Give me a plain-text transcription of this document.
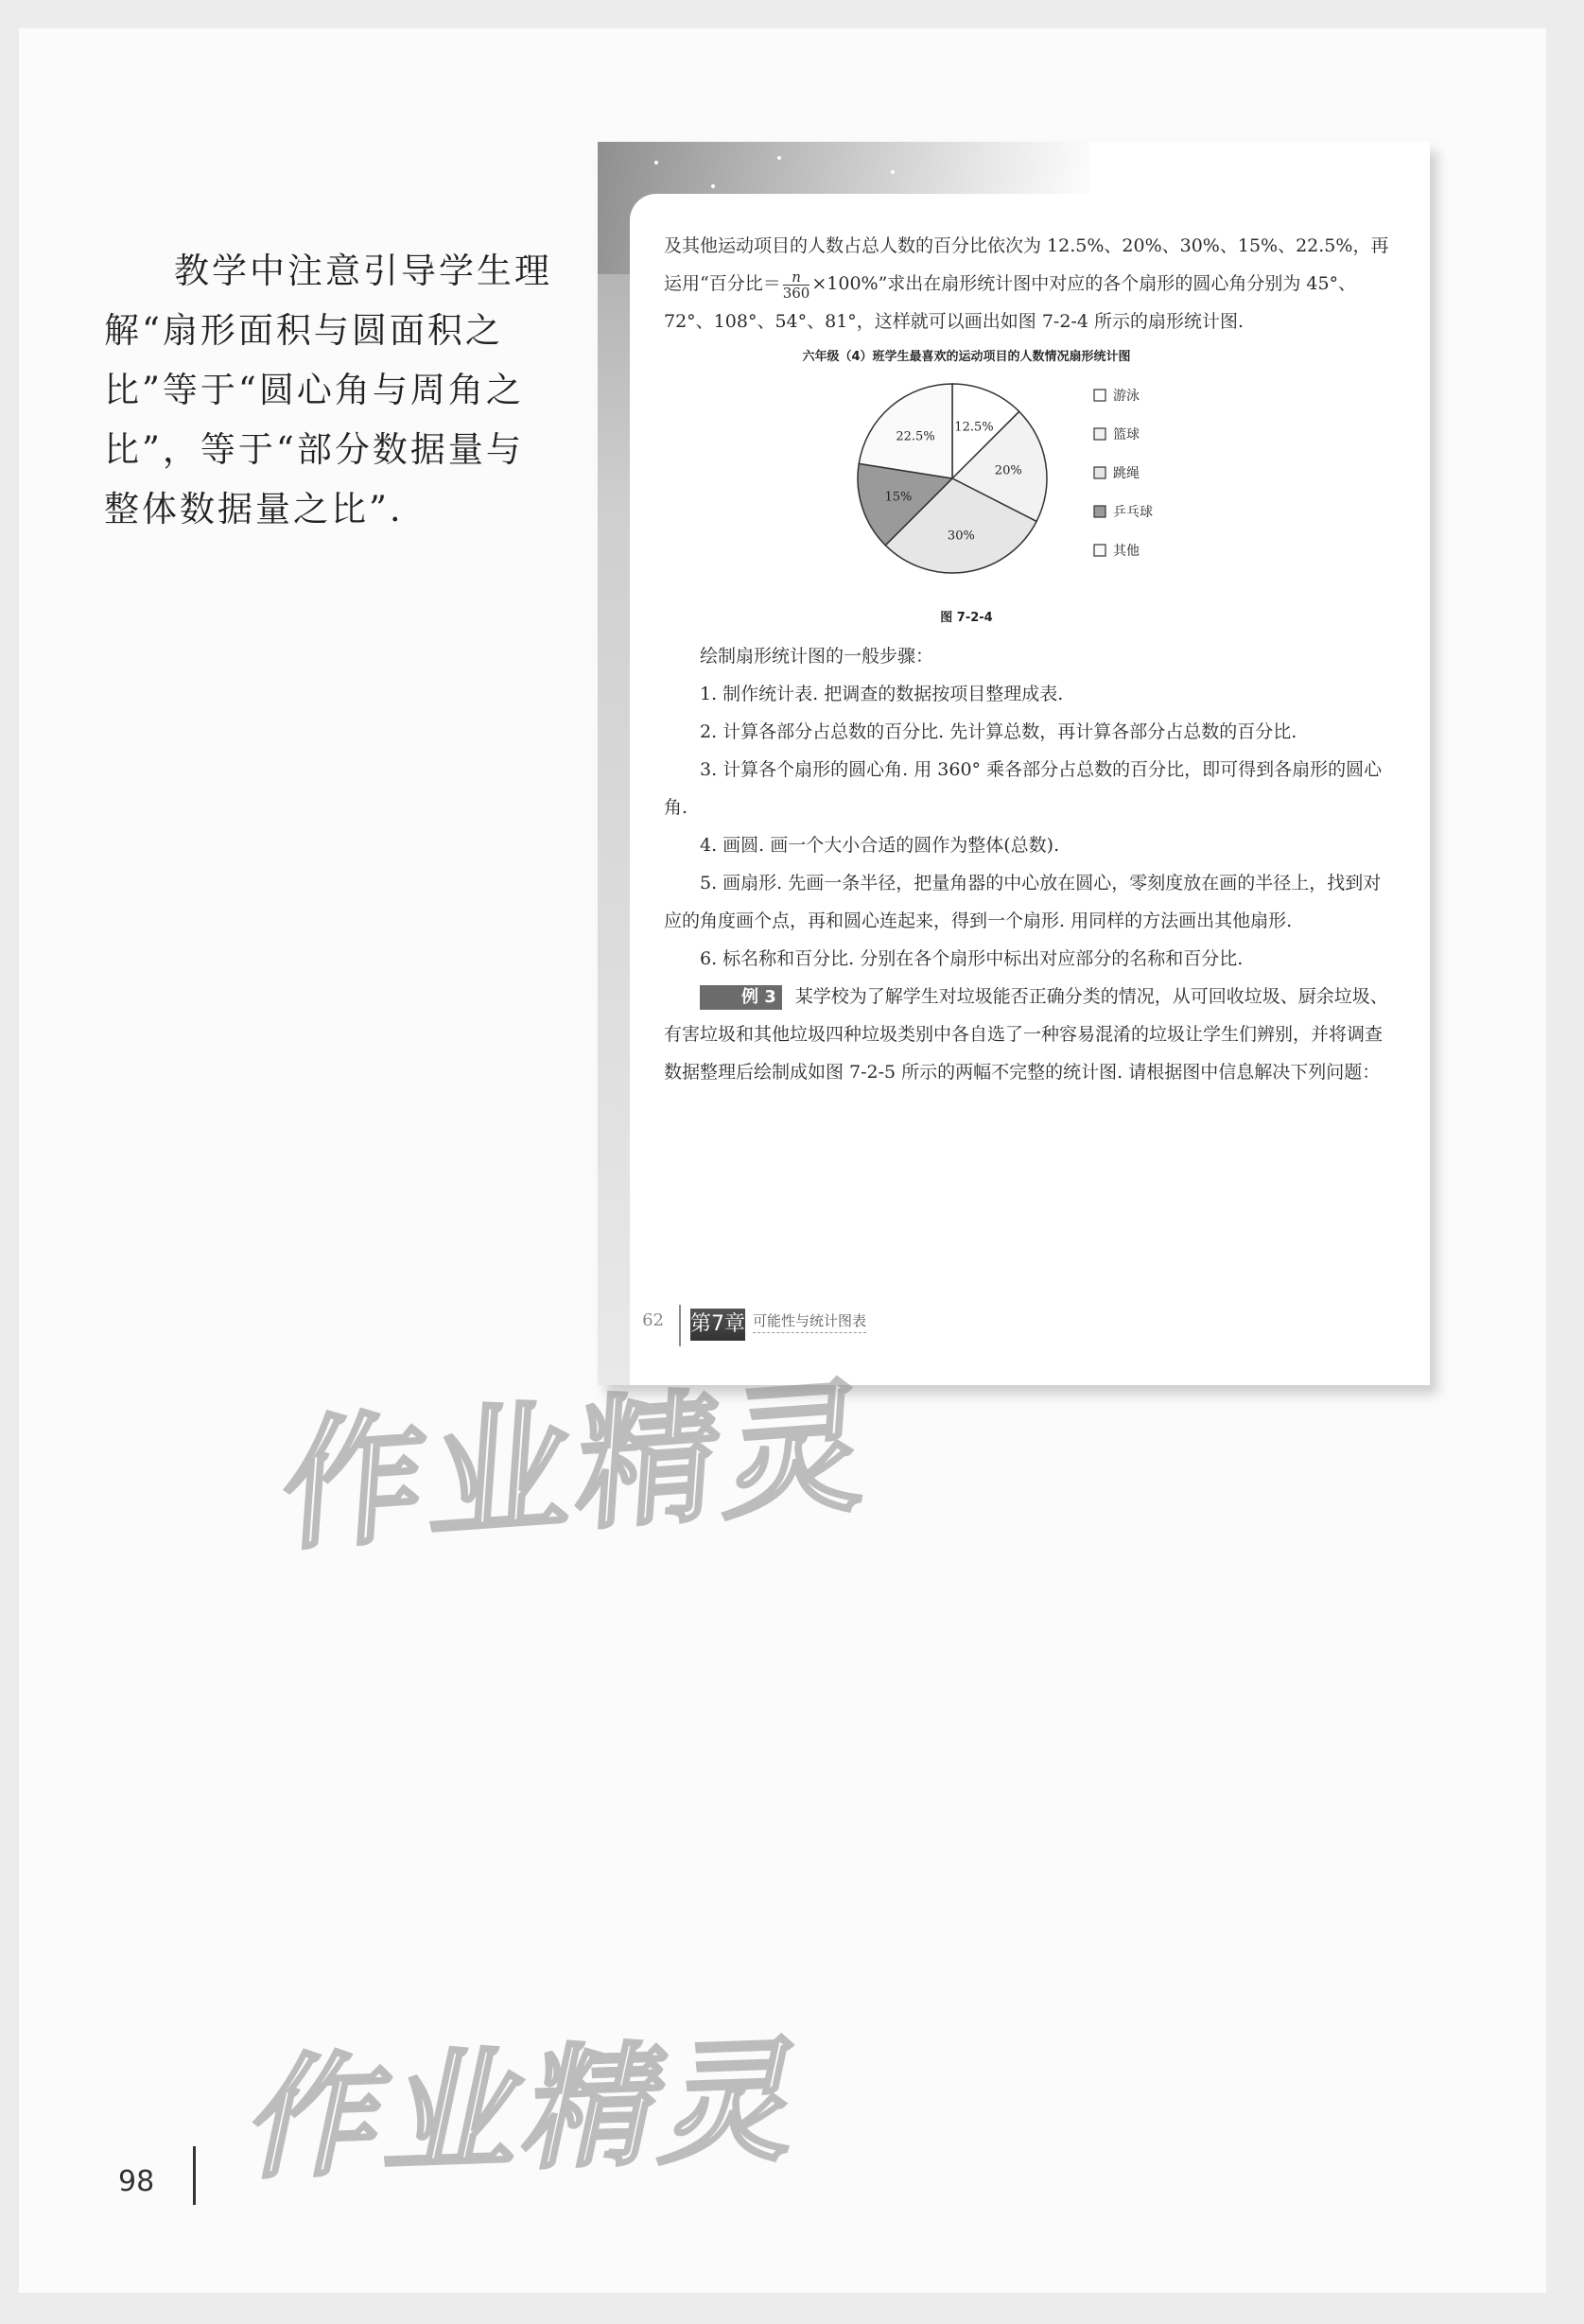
教学中注意引导学生理解“扇形面积与圆面积之比”等于“圆心角与周角之比”，等于“部分数据量与整体数据量之比”.

及其他运动项目的人数占总人数的百分比依次为 12.5%、20%、30%、15%、22.5%，再运用“百分比＝ $\frac{n}{360} \times 100\%$”求出在扇形统计图中对应的各个扇形的圆心角分别为 45°、72°、108°、54°、81°，这样就可以画出如图 7-2-4 所示的扇形统计图.

六年级（4）班学生最喜欢的运动项目的人数情况扇形统计图
12.5%
20%
30%
15%
22.5%
游泳
篮球
跳绳
乒乓球
其他
图 7-2-4

绘制扇形统计图的一般步骤：

1. 制作统计表. 把调查的数据按项目整理成表.

2. 计算各部分占总数的百分比. 先计算总数，再计算各部分占总数的百分比.

3. 计算各个扇形的圆心角. 用 360° 乘各部分占总数的百分比，即可得到各扇形的圆心角.

4. 画圆. 画一个大小合适的圆作为整体(总数).

5. 画扇形. 先画一条半径，把量角器的中心放在圆心，零刻度放在画的半径上，找到对应的角度画个点，再和圆心连起来，得到一个扇形. 用同样的方法画出其他扇形.

6. 标名称和百分比. 分别在各个扇形中标出对应部分的名称和百分比.

例 3 某学校为了解学生对垃圾能否正确分类的情况，从可回收垃圾、厨余垃圾、有害垃圾和其他垃圾四种垃圾类别中各自选了一种容易混淆的垃圾让学生们辨别，并将调查数据整理后绘制成如图 7-2-5 所示的两幅不完整的统计图. 请根据图中信息解决下列问题：

62 第7章 可能性与统计图表
作业精灵
作业精灵
98
